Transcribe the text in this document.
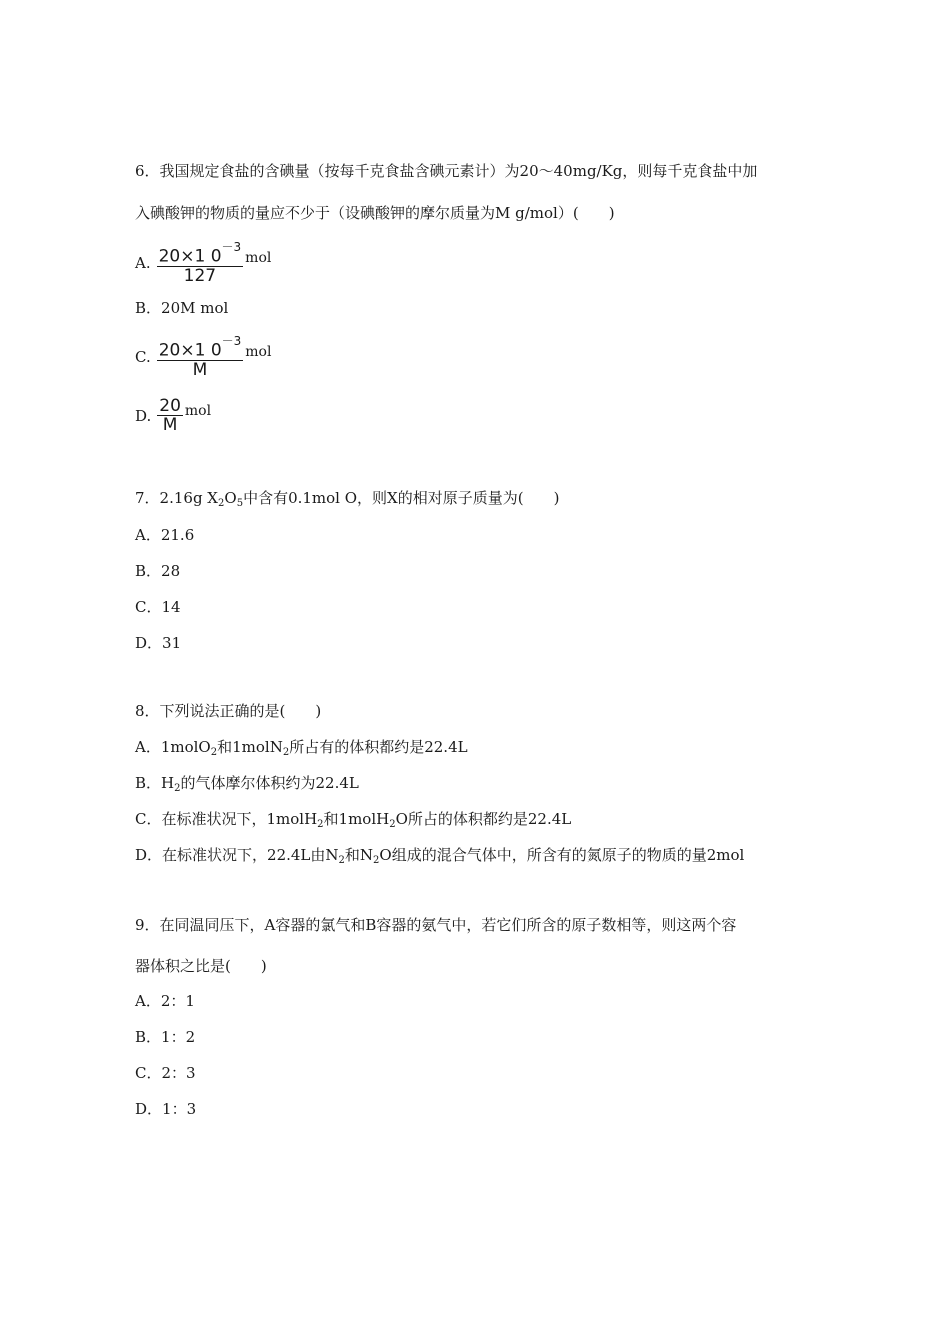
6．我国规定食盐的含碘量（按每千克食盐含碘元素计）为20～40mg/Kg，则每千克食盐中加
入碘酸钾的物质的量应不少于（设碘酸钾的摩尔质量为M g/mol）(　　)
A. $\frac{20\times 1 0^{-3}}{127}$ mol
B．20M mol
C. $\frac{20\times 1 0^{-3}}{M}$ mol
D. $\frac{20}{M}$ mol
7．2.16g $X_2O_5$中含有0.1mol O，则X的相对原子质量为(　　)
A．21.6
B．28
C．14
D．31
8．下列说法正确的是(　　)
A．1molO$_2$和1molN$_2$所占有的体积都约是22.4L
B．$H_2$的气体摩尔体积约为22.4L
C．在标准状况下，1molH$_2$和1molH$_2$O所占的体积都约是22.4L
D．在标准状况下，22.4L由$N_2$和$N_2O$组成的混合气体中，所含有的氮原子的物质的量2mol
9．在同温同压下，A容器的氯气和B容器的氨气中，若它们所含的原子数相等，则这两个容
器体积之比是(　　)
A．2：1
B．1：2
C．2：3
D．1：3
